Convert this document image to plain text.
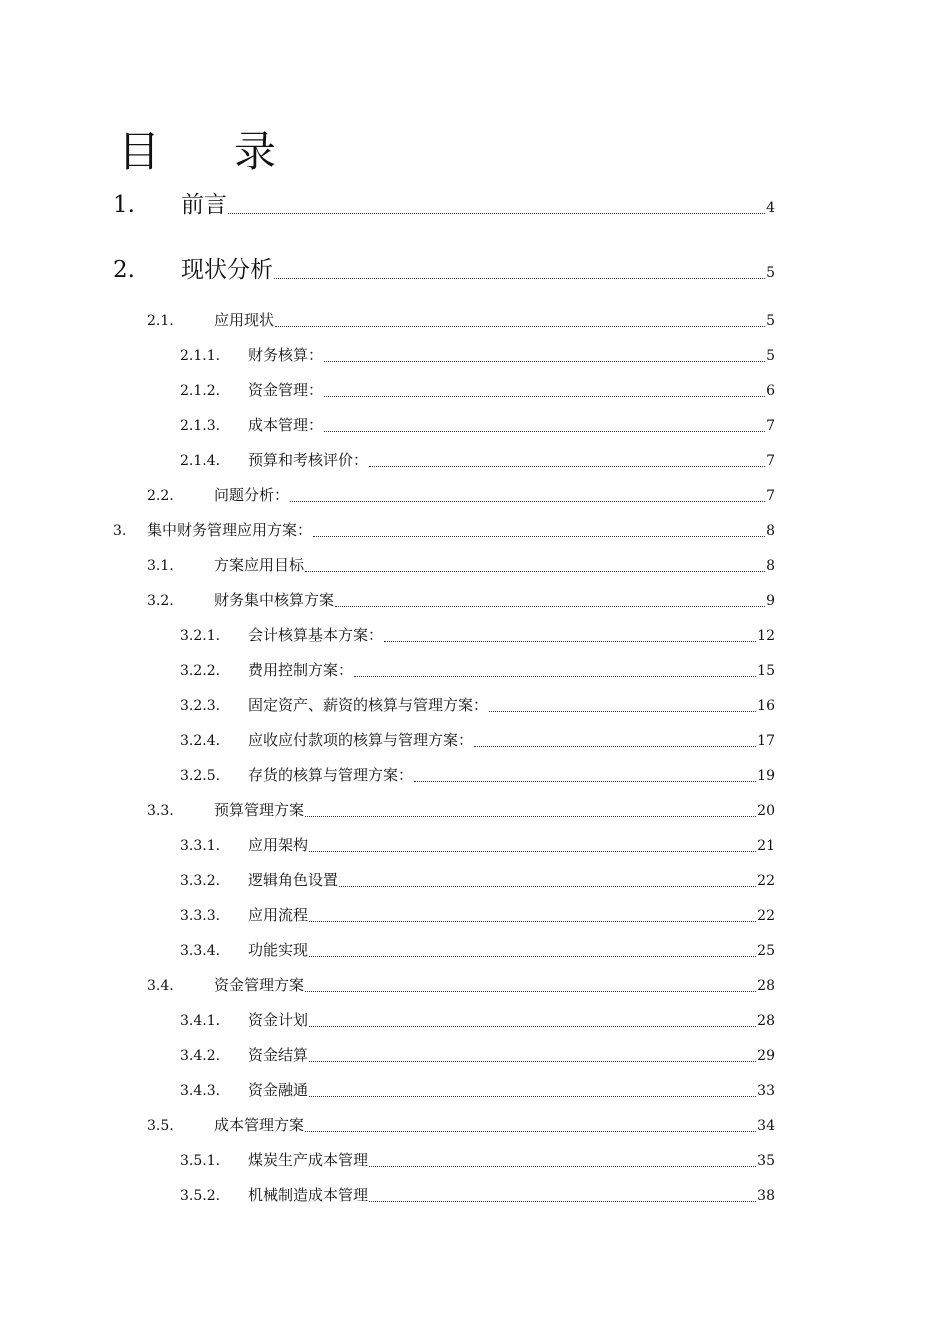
目 录
1.	前言	4
2.	现状分析	5
2.1.	应用现状	5
2.1.1.	财务核算：	5
2.1.2.	资金管理：	6
2.1.3.	成本管理：	7
2.1.4.	预算和考核评价：	7
2.2.	问题分析：	7
3.	集中财务管理应用方案：	8
3.1.	方案应用目标	8
3.2.	财务集中核算方案	9
3.2.1.	会计核算基本方案：	12
3.2.2.	费用控制方案：	15
3.2.3.	固定资产、薪资的核算与管理方案：	16
3.2.4.	应收应付款项的核算与管理方案：	17
3.2.5.	存货的核算与管理方案：	19
3.3.	预算管理方案	20
3.3.1.	应用架构	21
3.3.2.	逻辑角色设置	22
3.3.3.	应用流程	22
3.3.4.	功能实现	25
3.4.	资金管理方案	28
3.4.1.	资金计划	28
3.4.2.	资金结算	29
3.4.3.	资金融通	33
3.5.	成本管理方案	34
3.5.1.	煤炭生产成本管理	35
3.5.2.	机械制造成本管理	38
